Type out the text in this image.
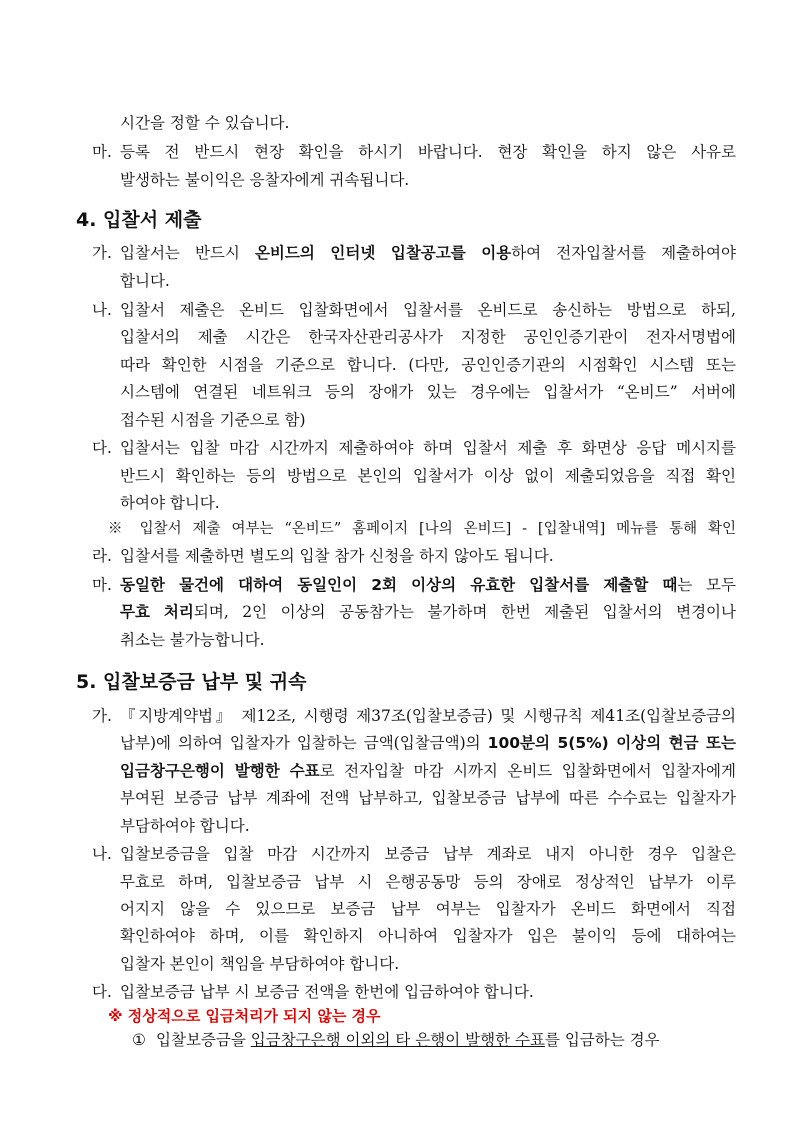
시간을 정할 수 있습니다.
마. 등록 전 반드시 현장 확인을 하시기 바랍니다. 현장 확인을 하지 않은 사유로
발생하는 불이익은 응찰자에게 귀속됩니다.
4. 입찰서 제출
가. 입찰서는 반드시 온비드의 인터넷 입찰공고를 이용하여 전자입찰서를 제출하여야
합니다.
나. 입찰서 제출은 온비드 입찰화면에서 입찰서를 온비드로 송신하는 방법으로 하되,
입찰서의 제출 시간은 한국자산관리공사가 지정한 공인인증기관이 전자서명법에
따라 확인한 시점을 기준으로 합니다. (다만, 공인인증기관의 시점확인 시스템 또는
시스템에 연결된 네트워크 등의 장애가 있는 경우에는 입찰서가 “온비드” 서버에
접수된 시점을 기준으로 함)
다. 입찰서는 입찰 마감 시간까지 제출하여야 하며 입찰서 제출 후 화면상 응답 메시지를
반드시 확인하는 등의 방법으로 본인의 입찰서가 이상 없이 제출되었음을 직접 확인
하여야 합니다.
※ 입찰서 제출 여부는 “온비드” 홈페이지 [나의 온비드] - [입찰내역] 메뉴를 통해 확인
라. 입찰서를 제출하면 별도의 입찰 참가 신청을 하지 않아도 됩니다.
마. 동일한 물건에 대하여 동일인이 2회 이상의 유효한 입찰서를 제출할 때는 모두
무효 처리되며, 2인 이상의 공동참가는 불가하며 한번 제출된 입찰서의 변경이나
취소는 불가능합니다.
5. 입찰보증금 납부 및 귀속
가. 『지방계약법』 제12조, 시행령 제37조(입찰보증금) 및 시행규칙 제41조(입찰보증금의
납부)에 의하여 입찰자가 입찰하는 금액(입찰금액)의 100분의 5(5%) 이상의 현금 또는
입금창구은행이 발행한 수표로 전자입찰 마감 시까지 온비드 입찰화면에서 입찰자에게
부여된 보증금 납부 계좌에 전액 납부하고, 입찰보증금 납부에 따른 수수료는 입찰자가
부담하여야 합니다.
나. 입찰보증금을 입찰 마감 시간까지 보증금 납부 계좌로 내지 아니한 경우 입찰은
무효로 하며, 입찰보증금 납부 시 은행공동망 등의 장애로 정상적인 납부가 이루
어지지 않을 수 있으므로 보증금 납부 여부는 입찰자가 온비드 화면에서 직접
확인하여야 하며, 이를 확인하지 아니하여 입찰자가 입은 불이익 등에 대하여는
입찰자 본인이 책임을 부담하여야 합니다.
다. 입찰보증금 납부 시 보증금 전액을 한번에 입금하여야 합니다.
※ 정상적으로 입금처리가 되지 않는 경우
① 입찰보증금을 입금창구은행 이외의 타 은행이 발행한 수표를 입금하는 경우
